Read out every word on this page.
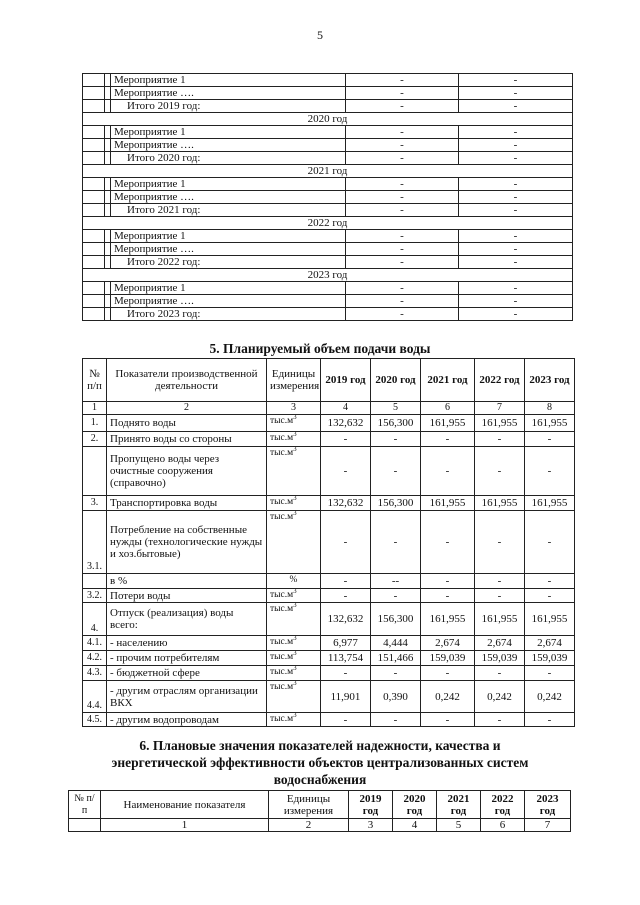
5
		Мероприятие 1	-	-
		Мероприятие ….	-	-
		Итого 2019 год:	-	-
2020 год				
		Мероприятие 1	-	-
		Мероприятие ….	-	-
		Итого 2020 год:	-	-
2021 год				
		Мероприятие 1	-	-
		Мероприятие ….	-	-
		Итого 2021 год:	-	-
2022 год				
		Мероприятие 1	-	-
		Мероприятие ….	-	-
		Итого 2022 год:	-	-
2023 год				
		Мероприятие 1	-	-
		Мероприятие ….	-	-
		Итого 2023 год:	-	-
5. Планируемый объем подачи воды
№ п/п	Показатели производственной деятельности	Единицы измерения	2019 год	2020 год	2021 год	2022 год	2023 год
1	2	3	4	5	6	7	8
1.	Поднято воды	$тыс.м^3$	132,632	156,300	161,955	161,955	161,955
2.	Принято воды со стороны	$тыс.м^3$	-	-	-	-	-
	Пропущено воды через очистные сооружения (справочно)	$тыс.м^3$	-	-	-	-	-
3.	Транспортировка воды	$тыс.м^3$	132,632	156,300	161,955	161,955	161,955
3.1.	Потребление на собственные нужды (технологические нужды и хоз.бытовые)	$тыс.м^3$	-	-	-	-	-
	в %	%	-	--	-	-	-
3.2.	Потери воды	$тыс.м^3$	-	-	-	-	-
4.	Отпуск (реализация) воды всего:	$тыс.м^3$	132,632	156,300	161,955	161,955	161,955
4.1.	- населению	$тыс.м^3$	6,977	4,444	2,674	2,674	2,674
4.2.	- прочим потребителям	$тыс.м^3$	113,754	151,466	159,039	159,039	159,039
4.3.	- бюджетной сфере	$тыс.м^3$	-	-	-	-	-
4.4.	- другим отраслям организации ВКХ	$тыс.м^3$	11,901	0,390	0,242	0,242	0,242
4.5.	- другим водопроводам	$тыс.м^3$	-	-	-	-	-
6. Плановые значения показателей надежности, качества и
энергетической эффективности объектов централизованных систем
водоснабжения
№ п/п	Наименование показателя	Единицы измерения	2019 год	2020 год	2021 год	2022 год	2023 год
	1	2	3	4	5	6	7
